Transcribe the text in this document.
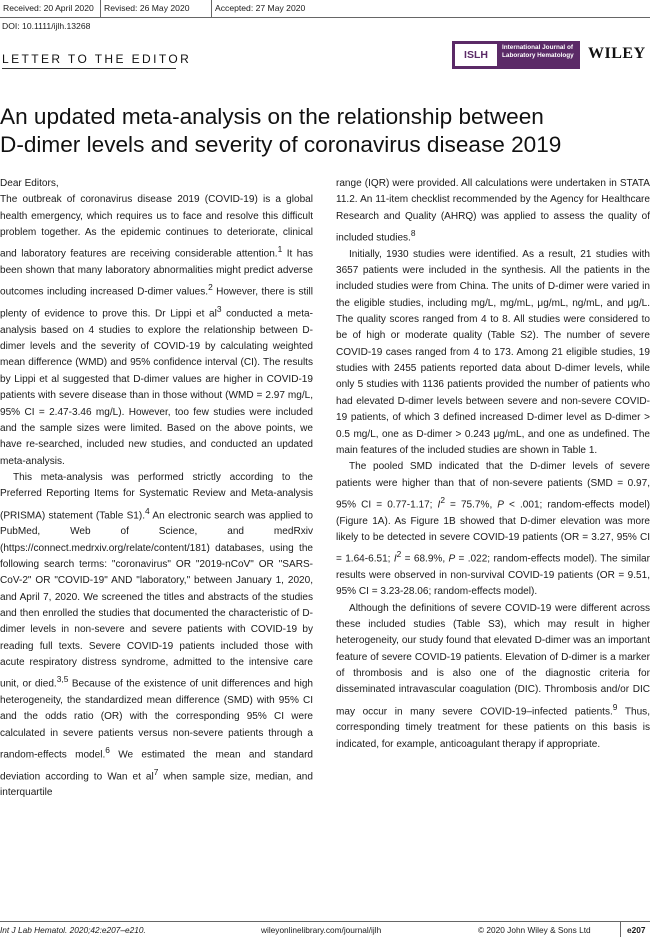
Received: 20 April 2020	Revised: 26 May 2020	Accepted: 27 May 2020
DOI: 10.1111/ijlh.13268
LETTER TO THE EDITOR	ISLH
International Journal of
Laboratory Hematology WILEY
An updated meta-analysis on the relationship between
D-dimer levels and severity of coronavirus disease 2019

Dear Editors,

The outbreak of coronavirus disease 2019 (COVID-19) is a global health emergency, which requires us to face and resolve this difficult problem together. As the epidemic continues to deteriorate, clinical and laboratory features are receiving considerable attention.$^1$ It has been shown that many laboratory abnormalities might predict adverse outcomes including increased D-dimer values.$^2$ However, there is still plenty of evidence to prove this. Dr Lippi et $al^3$ conducted a meta-analysis based on 4 studies to explore the relationship between D-dimer levels and the severity of COVID-19 by calculating weighted mean difference (WMD) and 95% confidence interval (CI). The results by Lippi et al suggested that D-dimer values are higher in COVID-19 patients with severe disease than in those without (WMD = 2.97 mg/L, 95% CI = 2.47-3.46 mg/L). However, too few studies were included and the sample sizes were limited. Based on the above points, we have re-searched, included new studies, and conducted an updated meta-analysis.

This meta-analysis was performed strictly according to the Preferred Reporting Items for Systematic Review and Meta-analysis (PRISMA) statement (Table S1).$^4$ An electronic search was applied to PubMed, Web of Science, and medRxiv (https://connect.medrxiv.org/relate/content/181) databases, using the following search terms: "coronavirus" OR "2019-nCoV" OR "SARS-CoV-2" OR "COVID-19" AND "laboratory," between January 1, 2020, and April 7, 2020. We screened the titles and abstracts of the studies and then enrolled the studies that documented the characteristic of D-dimer levels in non-severe and severe patients with COVID-19 by reading full texts. Severe COVID-19 patients included those with acute respiratory distress syndrome, admitted to the intensive care unit, or died.$^{3,5}$ Because of the existence of unit differences and high heterogeneity, the standardized mean difference (SMD) with 95% CI and the odds ratio (OR) with the corresponding 95% CI were calculated in severe patients versus non-severe patients through a random-effects model.$^6$ We estimated the mean and standard deviation according to Wan et $al^7$ when sample size, median, and interquartile

range (IQR) were provided. All calculations were undertaken in STATA 11.2. An 11-item checklist recommended by the Agency for Healthcare Research and Quality (AHRQ) was applied to assess the quality of included studies.$^8$

Initially, 1930 studies were identified. As a result, 21 studies with 3657 patients were included in the synthesis. All the patients in the included studies were from China. The units of D-dimer were varied in the eligible studies, including mg/L, mg/mL, μg/mL, ng/mL, and μg/L. The quality scores ranged from 4 to 8. All studies were considered to be of high or moderate quality (Table S2). The number of severe COVID-19 cases ranged from 4 to 173. Among 21 eligible studies, 19 studies with 2455 patients reported data about D-dimer levels, while only 5 studies with 1136 patients provided the number of patients who had elevated D-dimer levels between severe and non-severe COVID-19 patients, of which 3 defined increased D-dimer level as D-dimer > 0.5 mg/L, one as D-dimer > 0.243 μg/mL, and one as undefined. The main features of the included studies are shown in Table 1.

The pooled SMD indicated that the D-dimer levels of severe patients were higher than that of non-severe patients (SMD = 0.97, 95% CI = 0.77-1.17; $I^2 = 75.7\%$, P < .001; random-effects model) (Figure 1A). As Figure 1B showed that D-dimer elevation was more likely to be detected in severe COVID-19 patients (OR = 3.27, 95% CI = 1.64-6.51; $I^2 = 68.9\%$, P = .022; random-effects model). The similar results were observed in non-survival COVID-19 patients (OR = 9.51, 95% CI = 3.23-28.06; random-effects model).

Although the definitions of severe COVID-19 were different across these included studies (Table S3), which may result in higher heterogeneity, our study found that elevated D-dimer was an important feature of severe COVID-19 patients. Elevation of D-dimer is a marker of thrombosis and is also one of the diagnostic criteria for disseminated intravascular coagulation (DIC). Thrombosis and/or DIC may occur in many severe COVID-19–infected patients.$^9$ Thus, corresponding timely treatment for these patients on this basis is indicated, for example, anticoagulant therapy if appropriate.

Int J Lab Hematol. 2020;42:e207–e210.	wileyonlinelibrary.com/journal/ijlh	© 2020 John Wiley & Sons Ltd	e207
